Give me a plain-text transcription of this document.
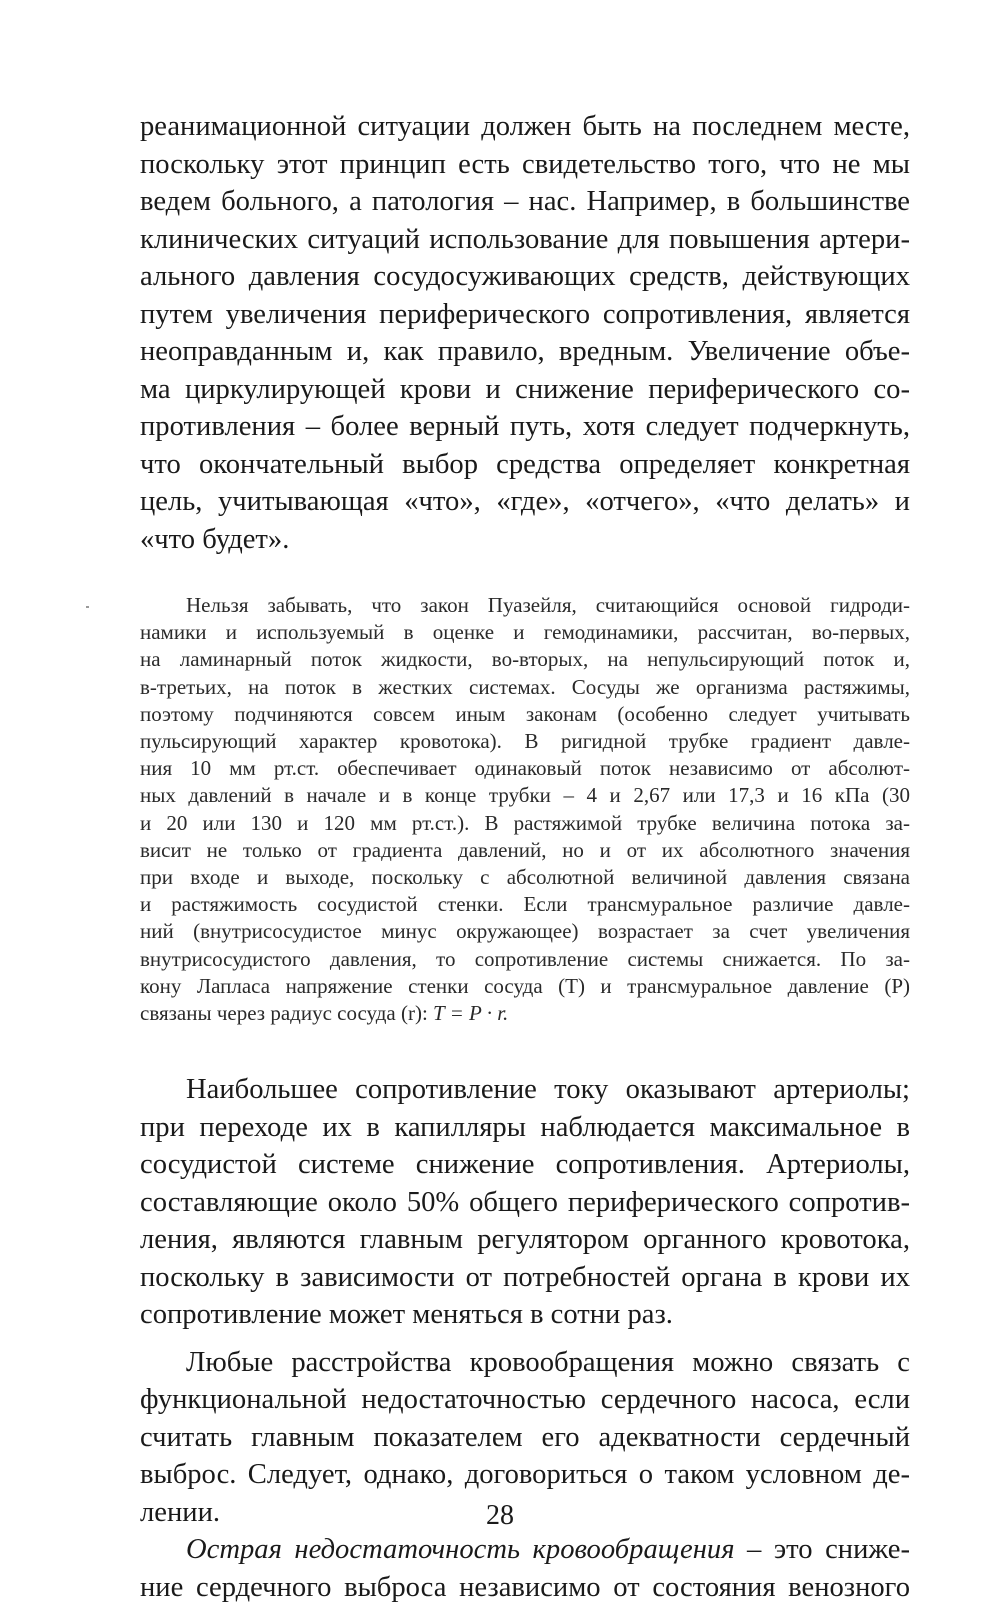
реанимационной ситуации должен быть на последнем месте,
поскольку этот принцип есть свидетельство того, что не мы
ведем больного, а патология – нас. Например, в большинстве
клинических ситуаций использование для повышения артери-
ального давления сосудосуживающих средств, действующих
путем увеличения периферического сопротивления, является
неоправданным и, как правило, вредным. Увеличение объе-
ма циркулирующей крови и снижение периферического со-
противления – более верный путь, хотя следует подчеркнуть,
что окончательный выбор средства определяет конкретная
цель, учитывающая «что», «где», «отчего», «что делать» и
«что будет».
Нельзя забывать, что закон Пуазейля, считающийся основой гидроди-
намики и используемый в оценке и гемодинамики, рассчитан, во-первых,
на ламинарный поток жидкости, во-вторых, на непульсирующий поток и,
в-третьих, на поток в жестких системах. Сосуды же организма растяжимы,
поэтому подчиняются совсем иным законам (особенно следует учитывать
пульсирующий характер кровотока). В ригидной трубке градиент давле-
ния 10 мм рт.ст. обеспечивает одинаковый поток независимо от абсолют-
ных давлений в начале и в конце трубки – 4 и 2,67 или 17,3 и 16 кПа (30
и 20 или 130 и 120 мм рт.ст.). В растяжимой трубке величина потока за-
висит не только от градиента давлений, но и от их абсолютного значения
при входе и выходе, поскольку с абсолютной величиной давления связана
и растяжимость сосудистой стенки. Если трансмуральное различие давле-
ний (внутрисосудистое минус окружающее) возрастает за счет увеличения
внутрисосудистого давления, то сопротивление системы снижается. По за-
кону Лапласа напряжение стенки сосуда (Т) и трансмуральное давление (Р)
связаны через радиус сосуда (r): T = P · r.
Наибольшее сопротивление току оказывают артериолы;
при переходе их в капилляры наблюдается максимальное в
сосудистой системе снижение сопротивления. Артериолы,
составляющие около 50% общего периферического сопротив-
ления, являются главным регулятором органного кровотока,
поскольку в зависимости от потребностей органа в крови их
сопротивление может меняться в сотни раз.
Любые расстройства кровообращения можно связать с
функциональной недостаточностью сердечного насоса, если
считать главным показателем его адекватности сердечный
выброс. Следует, однако, договориться о таком условном де-
лении.
Острая недостаточность кровообращения – это сниже-
ние сердечного выброса независимо от состояния венозного
28
